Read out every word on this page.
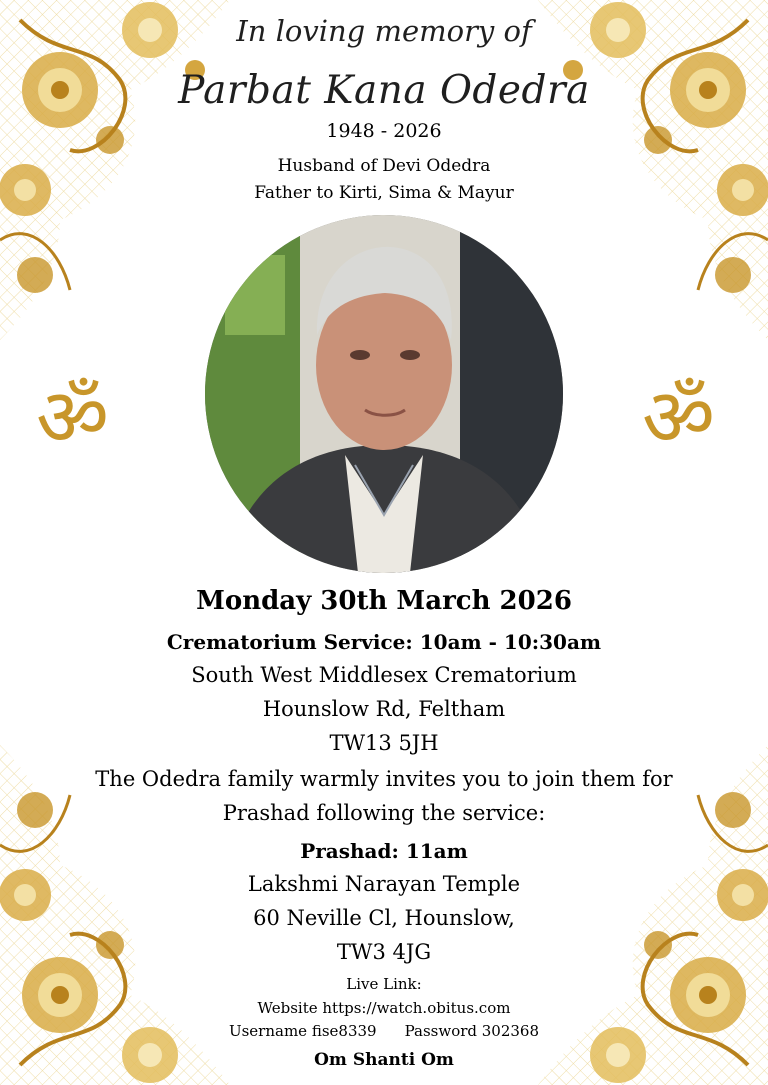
In loving memory of
Parbat Kana Odedra
1948 - 2026
Husband of Devi Odedra
Father to Kirti, Sima & Mayur
ॐ	ॐ
Monday 30th March 2026
Crematorium Service: 10am - 10:30am
South West Middlesex Crematorium
Hounslow Rd, Feltham
TW13 5JH
The Odedra family warmly invites you to join them for
Prashad following the service:
Prashad: 11am
Lakshmi Narayan Temple
60 Neville Cl, Hounslow,
TW3 4JG
Live Link:
Website https://watch.obitus.com
Username fise8339 Password 302368
Om Shanti Om
